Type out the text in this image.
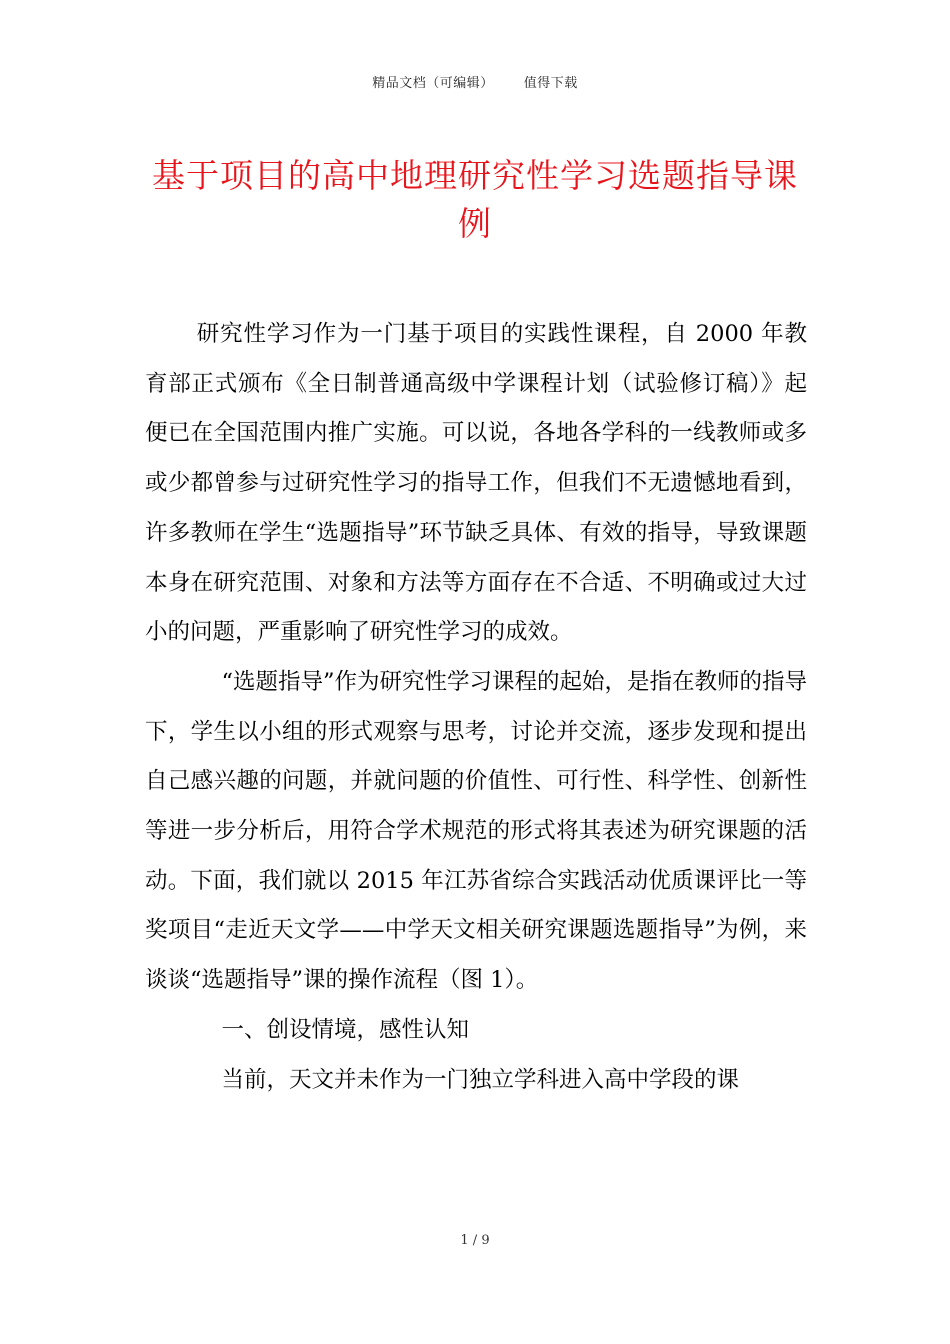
精品文档（可编辑） 值得下载
基于项目的高中地理研究性学习选题指导课例

研究性学习作为一门基于项目的实践性课程，自 2000 年教育部正式颁布《全日制普通高级中学课程计划（试验修订稿）》起便已在全国范围内推广实施。可以说，各地各学科的一线教师或多或少都曾参与过研究性学习的指导工作，但我们不无遗憾地看到，许多教师在学生“选题指导”环节缺乏具体、有效的指导，导致课题本身在研究范围、对象和方法等方面存在不合适、不明确或过大过小的问题，严重影响了研究性学习的成效。

“选题指导”作为研究性学习课程的起始，是指在教师的指导下，学生以小组的形式观察与思考，讨论并交流，逐步发现和提出自己感兴趣的问题，并就问题的价值性、可行性、科学性、创新性等进一步分析后，用符合学术规范的形式将其表述为研究课题的活动。下面，我们就以 2015 年江苏省综合实践活动优质课评比一等奖项目“走近天文学——中学天文相关研究课题选题指导”为例，来谈谈“选题指导”课的操作流程（图 1）。

一、创设情境，感性认知

当前，天文并未作为一门独立学科进入高中学段的课

1 / 9
